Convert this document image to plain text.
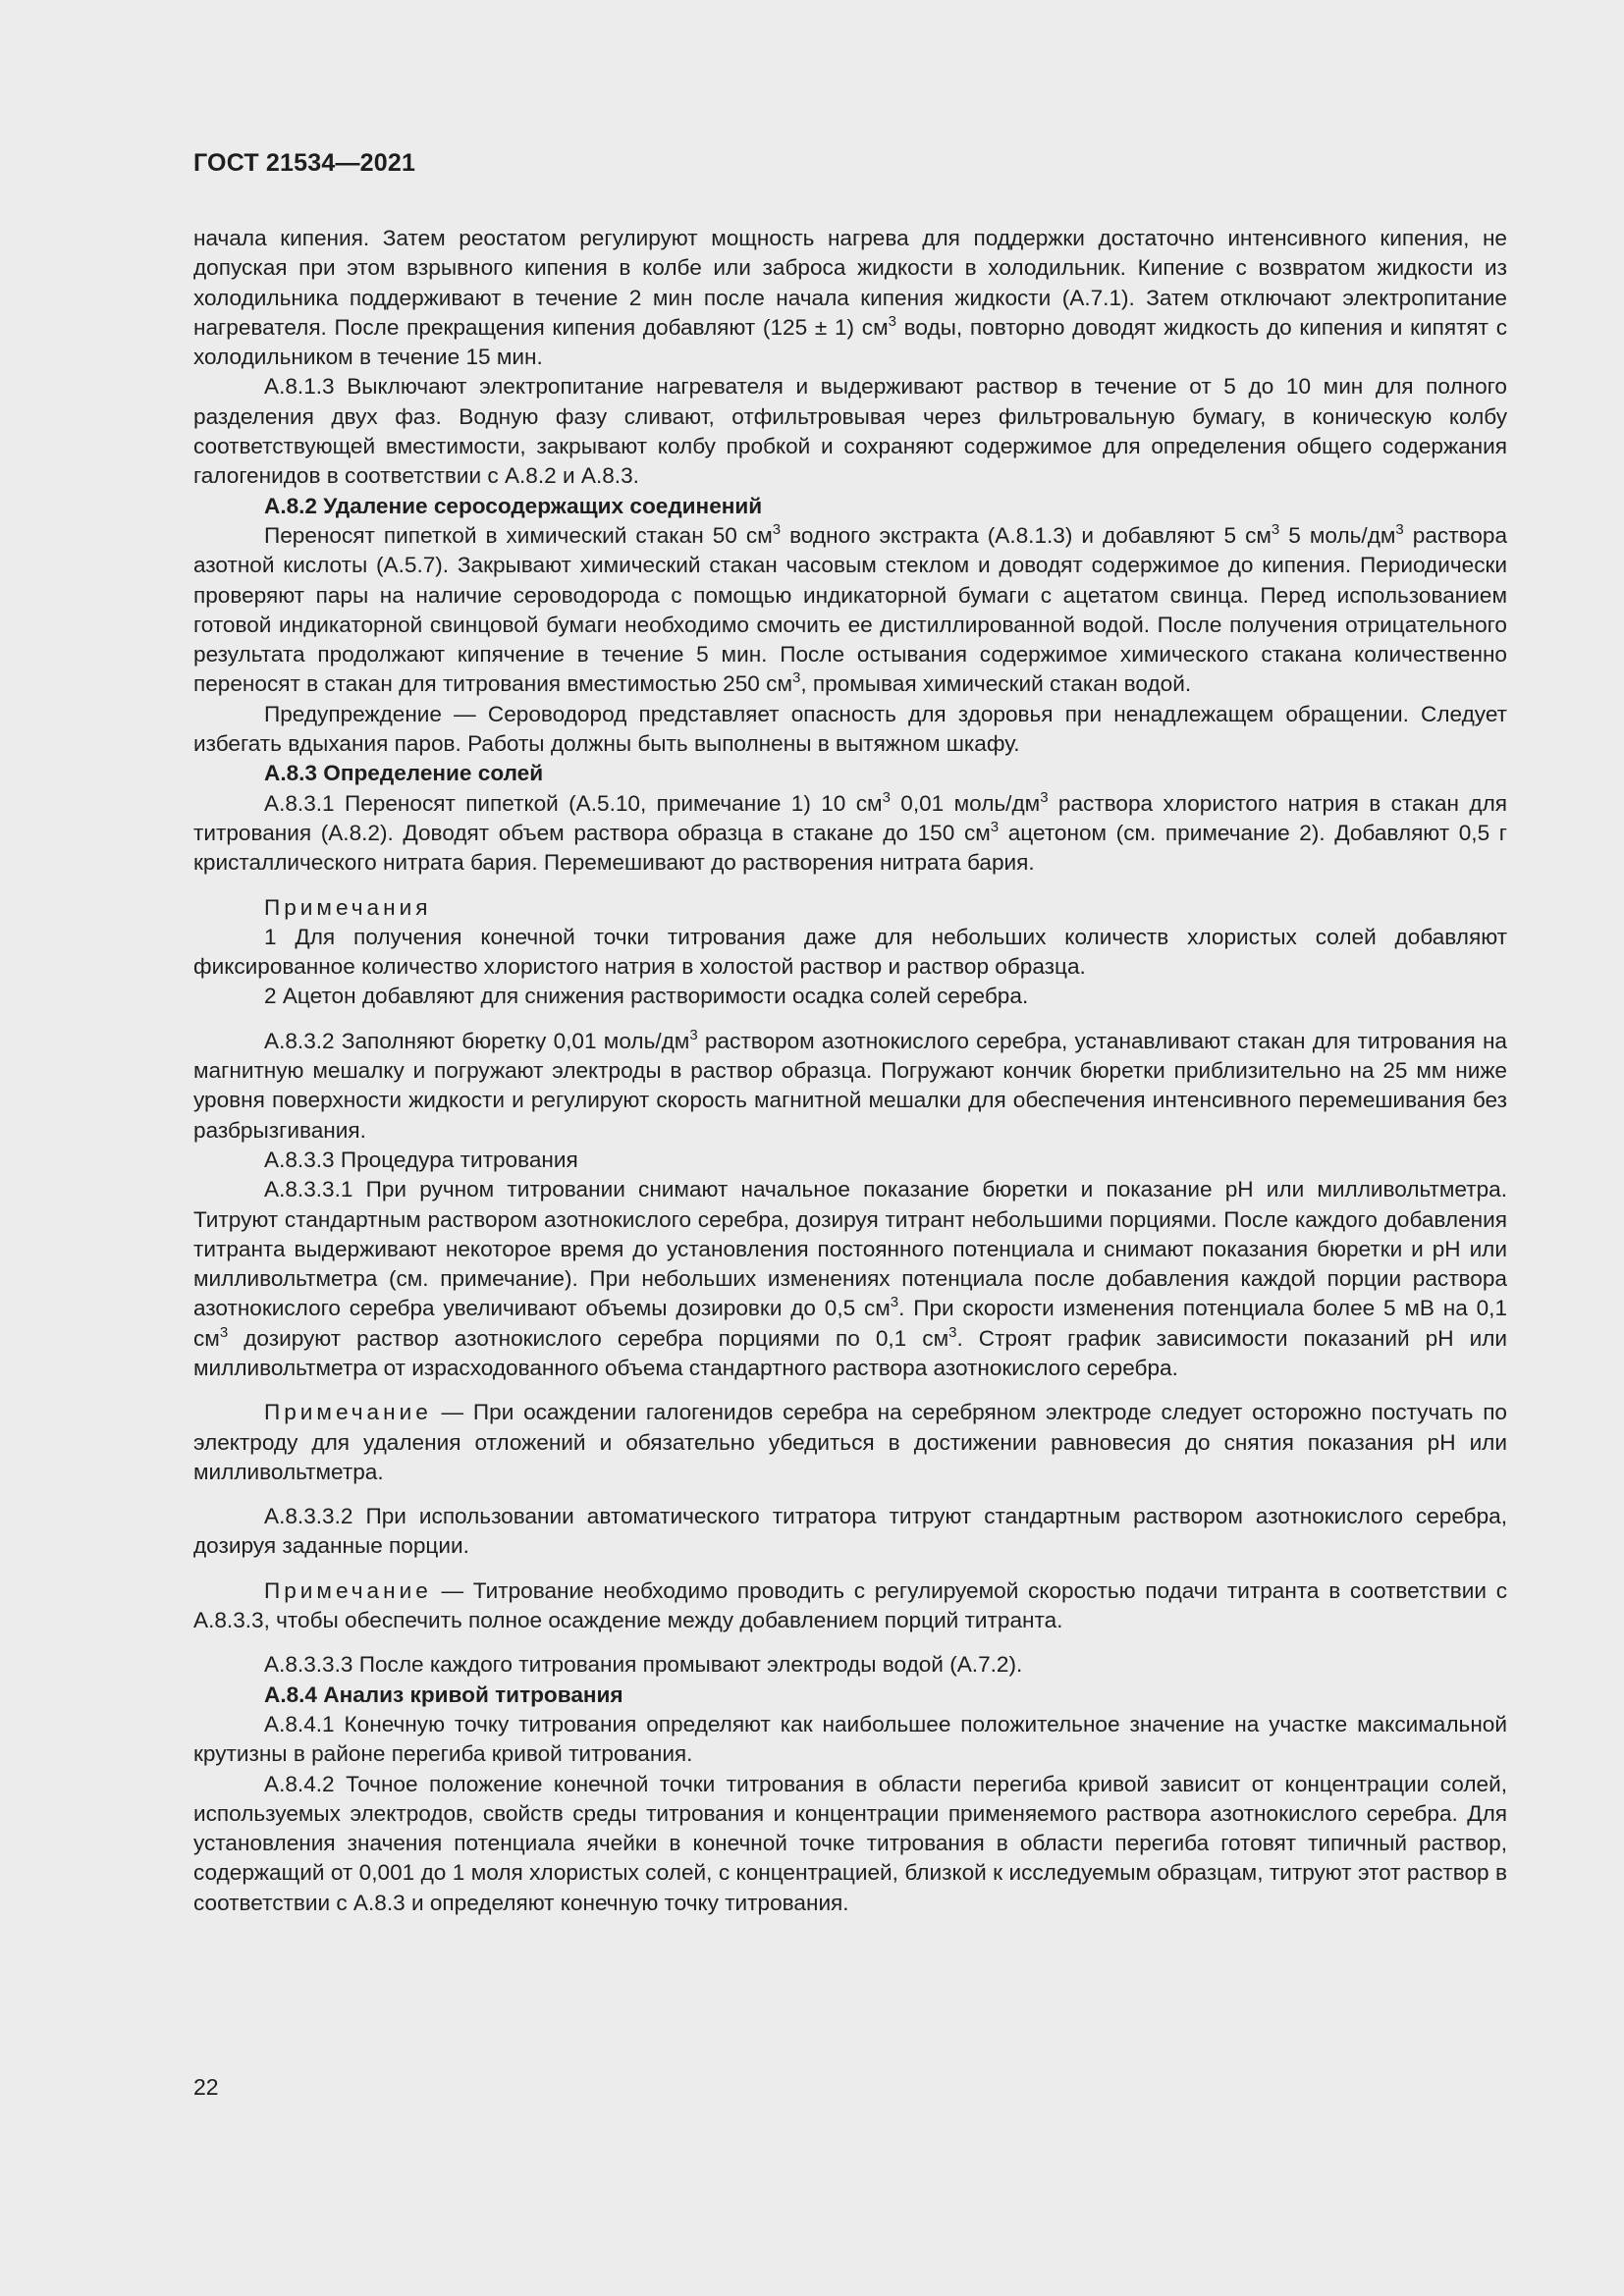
ГОСТ 21534—2021

начала кипения. Затем реостатом регулируют мощность нагрева для поддержки достаточно интенсивного кипения, не допуская при этом взрывного кипения в колбе или заброса жидкости в холодильник. Кипение с возвратом жидкости из холодильника поддерживают в течение 2 мин после начала кипения жидкости (А.7.1). Затем отключают электропитание нагревателя. После прекращения кипения добавляют (125 ± 1) $см^3$ воды, повторно доводят жидкость до кипения и кипятят с холодильником в течение 15 мин.

А.8.1.3 Выключают электропитание нагревателя и выдерживают раствор в течение от 5 до 10 мин для полного разделения двух фаз. Водную фазу сливают, отфильтровывая через фильтровальную бумагу, в коническую колбу соответствующей вместимости, закрывают колбу пробкой и сохраняют содержимое для определения общего содержания галогенидов в соответствии с А.8.2 и А.8.3.

А.8.2 Удаление серосодержащих соединений

Переносят пипеткой в химический стакан 50 $см^3$ водного экстракта (А.8.1.3) и добавляют 5 $см^3$ 5 моль/$дм^3$ раствора азотной кислоты (А.5.7). Закрывают химический стакан часовым стеклом и доводят содержимое до кипения. Периодически проверяют пары на наличие сероводорода с помощью индикаторной бумаги с ацетатом свинца. Перед использованием готовой индикаторной свинцовой бумаги необходимо смочить ее дистиллированной водой. После получения отрицательного результата продолжают кипячение в течение 5 мин. После остывания содержимое химического стакана количественно переносят в стакан для титрования вместимостью 250 $см^3$, промывая химический стакан водой.

Предупреждение — Сероводород представляет опасность для здоровья при ненадлежащем обращении. Следует избегать вдыхания паров. Работы должны быть выполнены в вытяжном шкафу.

А.8.3 Определение солей

А.8.3.1 Переносят пипеткой (А.5.10, примечание 1) 10 $см^3$ 0,01 моль/$дм^3$ раствора хлористого натрия в стакан для титрования (А.8.2). Доводят объем раствора образца в стакане до 150 $см^3$ ацетоном (см. примечание 2). Добавляют 0,5 г кристаллического нитрата бария. Перемешивают до растворения нитрата бария.

Примечания

1 Для получения конечной точки титрования даже для небольших количеств хлористых солей добавляют фиксированное количество хлористого натрия в холостой раствор и раствор образца.

2 Ацетон добавляют для снижения растворимости осадка солей серебра.

А.8.3.2 Заполняют бюретку 0,01 моль/$дм^3$ раствором азотнокислого серебра, устанавливают стакан для титрования на магнитную мешалку и погружают электроды в раствор образца. Погружают кончик бюретки приблизительно на 25 мм ниже уровня поверхности жидкости и регулируют скорость магнитной мешалки для обеспечения интенсивного перемешивания без разбрызгивания.

А.8.3.3 Процедура титрования

А.8.3.3.1 При ручном титровании снимают начальное показание бюретки и показание pH или милливольтметра. Титруют стандартным раствором азотнокислого серебра, дозируя титрант небольшими порциями. После каждого добавления титранта выдерживают некоторое время до установления постоянного потенциала и снимают показания бюретки и pH или милливольтметра (см. примечание). При небольших изменениях потенциала после добавления каждой порции раствора азотнокислого серебра увеличивают объемы дозировки до 0,5 $см^3$. При скорости изменения потенциала более 5 мВ на 0,1 $см^3$ дозируют раствор азотнокислого серебра порциями по 0,1 $см^3$. Строят график зависимости показаний pH или милливольтметра от израсходованного объема стандартного раствора азотнокислого серебра.

Примечание — При осаждении галогенидов серебра на серебряном электроде следует осторожно постучать по электроду для удаления отложений и обязательно убедиться в достижении равновесия до снятия показания pH или милливольтметра.

А.8.3.3.2 При использовании автоматического титратора титруют стандартным раствором азотнокислого серебра, дозируя заданные порции.

Примечание — Титрование необходимо проводить с регулируемой скоростью подачи титранта в соответствии с А.8.3.3, чтобы обеспечить полное осаждение между добавлением порций титранта.

А.8.3.3.3 После каждого титрования промывают электроды водой (А.7.2).

А.8.4 Анализ кривой титрования

А.8.4.1 Конечную точку титрования определяют как наибольшее положительное значение на участке максимальной крутизны в районе перегиба кривой титрования.

А.8.4.2 Точное положение конечной точки титрования в области перегиба кривой зависит от концентрации солей, используемых электродов, свойств среды титрования и концентрации применяемого раствора азотнокислого серебра. Для установления значения потенциала ячейки в конечной точке титрования в области перегиба готовят типичный раствор, содержащий от 0,001 до 1 моля хлористых солей, с концентрацией, близкой к исследуемым образцам, титруют этот раствор в соответствии с А.8.3 и определяют конечную точку титрования.

22
